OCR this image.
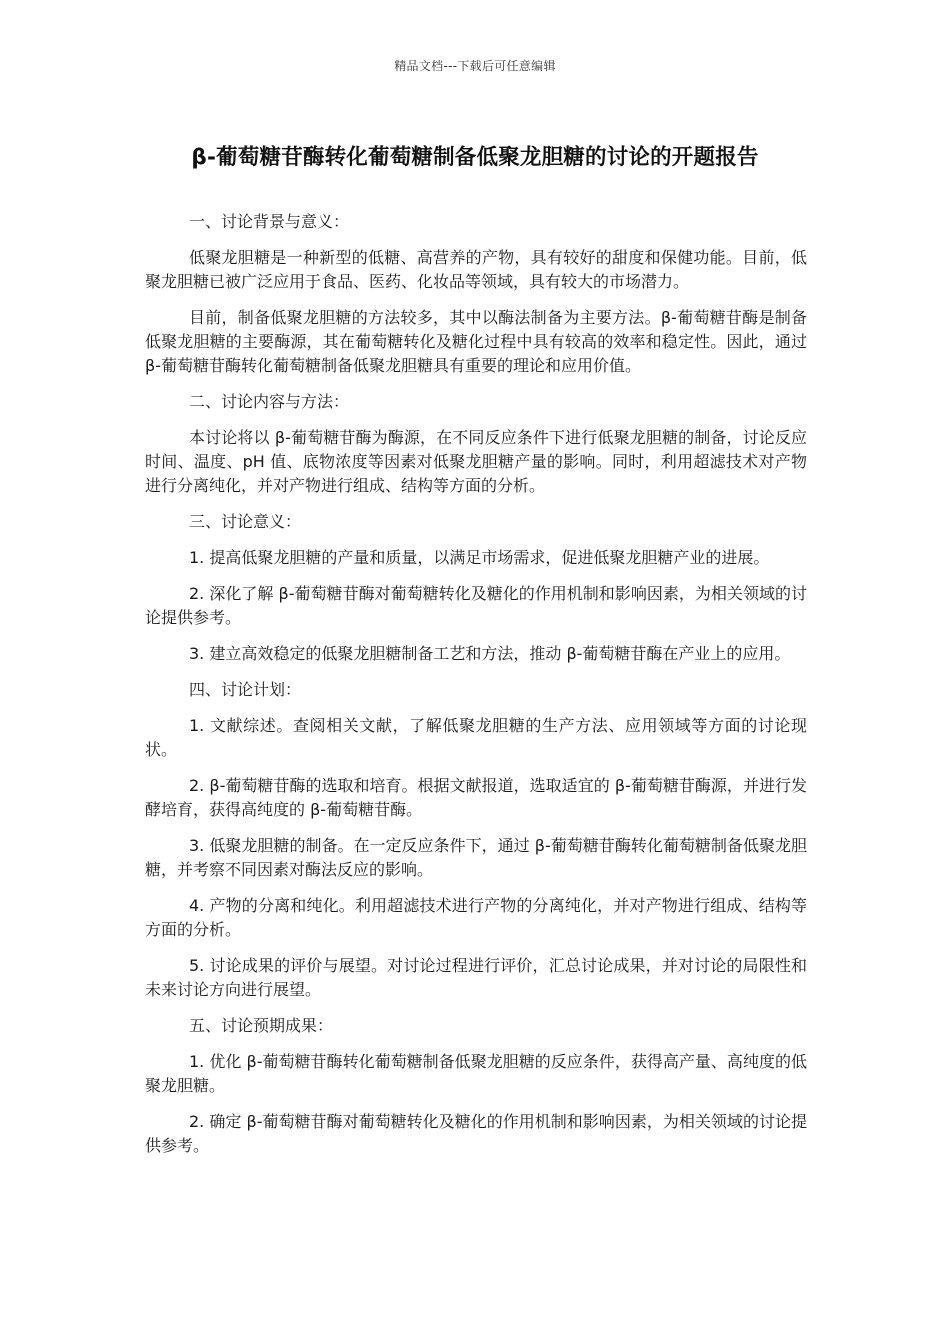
精品文档---下载后可任意编辑
β-葡萄糖苷酶转化葡萄糖制备低聚龙胆糖的讨论的开题报告

一、讨论背景与意义：

低聚龙胆糖是一种新型的低糖、高营养的产物，具有较好的甜度和保健功能。目前，低聚龙胆糖已被广泛应用于食品、医药、化妆品等领域，具有较大的市场潜力。

目前，制备低聚龙胆糖的方法较多，其中以酶法制备为主要方法。β-葡萄糖苷酶是制备低聚龙胆糖的主要酶源，其在葡萄糖转化及糖化过程中具有较高的效率和稳定性。因此，通过 β-葡萄糖苷酶转化葡萄糖制备低聚龙胆糖具有重要的理论和应用价值。

二、讨论内容与方法：

本讨论将以 β-葡萄糖苷酶为酶源，在不同反应条件下进行低聚龙胆糖的制备，讨论反应时间、温度、pH 值、底物浓度等因素对低聚龙胆糖产量的影响。同时，利用超滤技术对产物进行分离纯化，并对产物进行组成、结构等方面的分析。

三、讨论意义：

1. 提高低聚龙胆糖的产量和质量，以满足市场需求，促进低聚龙胆糖产业的进展。

2. 深化了解 β-葡萄糖苷酶对葡萄糖转化及糖化的作用机制和影响因素，为相关领域的讨论提供参考。

3. 建立高效稳定的低聚龙胆糖制备工艺和方法，推动 β-葡萄糖苷酶在产业上的应用。

四、讨论计划：

1. 文献综述。查阅相关文献，了解低聚龙胆糖的生产方法、应用领域等方面的讨论现状。

2. β-葡萄糖苷酶的选取和培育。根据文献报道，选取适宜的 β-葡萄糖苷酶源，并进行发酵培育，获得高纯度的 β-葡萄糖苷酶。

3. 低聚龙胆糖的制备。在一定反应条件下，通过 β-葡萄糖苷酶转化葡萄糖制备低聚龙胆糖，并考察不同因素对酶法反应的影响。

4. 产物的分离和纯化。利用超滤技术进行产物的分离纯化，并对产物进行组成、结构等方面的分析。

5. 讨论成果的评价与展望。对讨论过程进行评价，汇总讨论成果，并对讨论的局限性和未来讨论方向进行展望。

五、讨论预期成果：

1. 优化 β-葡萄糖苷酶转化葡萄糖制备低聚龙胆糖的反应条件，获得高产量、高纯度的低聚龙胆糖。

2. 确定 β-葡萄糖苷酶对葡萄糖转化及糖化的作用机制和影响因素，为相关领域的讨论提供参考。
